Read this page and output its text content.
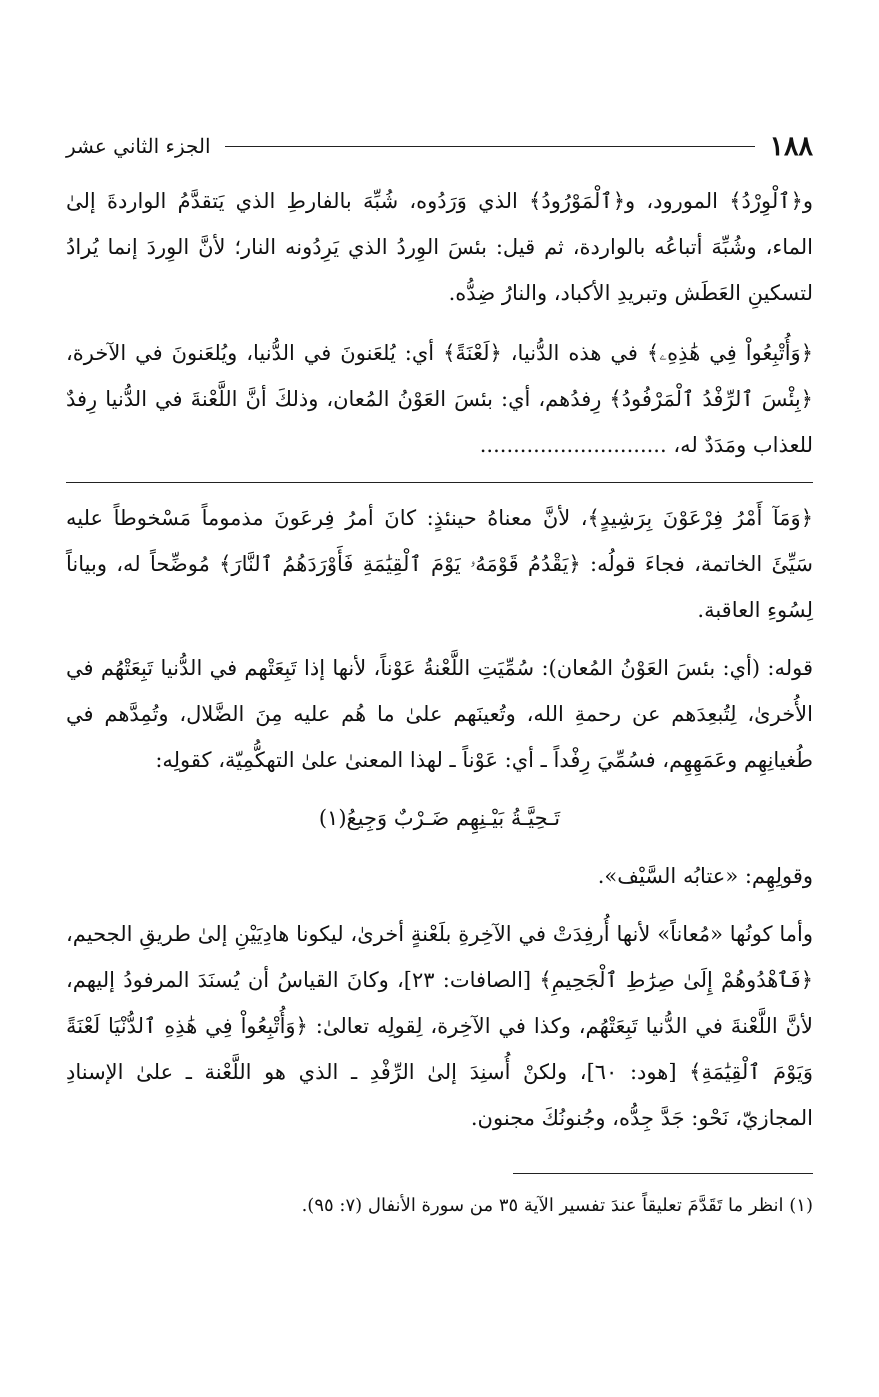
١٨٨
الجزء الثاني عشر

و﴿ٱلْوِرْدُ﴾ المورود، و﴿ٱلْمَوْرُودُ﴾ الذي وَرَدُوه، شُبِّهَ بالفارطِ الذي يَتقدَّمُ الواردةَ إلىٰ الماء، وشُبِّهَ أتباعُه بالواردة، ثم قيل: بئسَ الوِردُ الذي يَرِدُونه النار؛ لأنَّ الوِردَ إنما يُرادُ لتسكينِ العَطَش وتبريدِ الأكباد، والنارُ ضِدُّه.

﴿وَأُتْبِعُواْ فِي هَٰذِهِۦ﴾ في هذه الدُّنيا، ﴿لَعْنَةً﴾ أي: يُلعَنونَ في الدُّنيا، ويُلعَنونَ في الآخرة، ﴿بِئْسَ ٱلرِّفْدُ ٱلْمَرْفُودُ﴾ رِفدُهم، أي: بئسَ العَوْنُ المُعان، وذلكَ أنَّ اللَّعْنةَ في الدُّنيا رِفدٌ للعذاب ومَدَدٌ له، ............................

﴿وَمَآ أَمْرُ فِرْعَوْنَ بِرَشِيدٍ﴾، لأنَّ معناهُ حينئذٍ: كانَ أمرُ فِرعَونَ مذموماً مَسْخوطاً عليه سَيِّئَ الخاتمة، فجاءَ قولُه: ﴿يَقْدُمُ قَوْمَهُۥ يَوْمَ ٱلْقِيَٰمَةِ فَأَوْرَدَهُمُ ٱلنَّارَ﴾ مُوضِّحاً له، وبياناً لِسُوءِ العاقبة.

قوله: (أي: بئسَ العَوْنُ المُعان): سُمِّيَتِ اللَّعْنةُ عَوْناً، لأنها إذا تَبِعَتْهم في الدُّنيا تَبِعَتْهُم في الأُخرىٰ، لِتُبعِدَهم عن رحمةِ الله، وتُعينَهم علىٰ ما هُم عليه مِنَ الضَّلال، وتُمِدَّهم في طُغيانِهِم وعَمَهِهِم، فسُمِّيَ رِفْداً ـ أي: عَوْناً ـ لهذا المعنىٰ علىٰ التهكُّمِيّة، كقولِه:

تَـحِيَّـةُ بَيْـنِهِم ضَـرْبٌ وَجِيعُ(١)

وقولِهِم: «عتابُه السَّيْف».

وأما كونُها «مُعاناً» لأنها أُرفِدَتْ في الآخِرةِ بلَعْنةٍ أخرىٰ، ليكونا هادِيَيْنِ إلىٰ طريقِ الجحيم، ﴿فَٱهْدُوهُمْ إِلَىٰ صِرَٰطِ ٱلْجَحِيمِ﴾ [الصافات: ٢٣]، وكانَ القياسُ أن يُسنَدَ المرفودُ إليهم، لأنَّ اللَّعْنةَ في الدُّنيا تَبِعَتْهُم، وكذا في الآخِرة، لِقولِه تعالىٰ: ﴿وَأُتْبِعُواْ فِي هَٰذِهِ ٱلدُّنْيَا لَعْنَةً وَيَوْمَ ٱلْقِيَٰمَةِ﴾ [هود: ٦٠]، ولكنْ أُسنِدَ إلىٰ الرِّفْدِ ـ الذي هو اللَّعْنة ـ علىٰ الإسنادِ المجازيّ، نَحْو: جَدَّ جِدُّه، وجُنونُكَ مجنون.

(١) انظر ما تَقَدَّمَ تعليقاً عندَ تفسير الآية ٣٥ من سورة الأنفال (٧: ٩٥).
